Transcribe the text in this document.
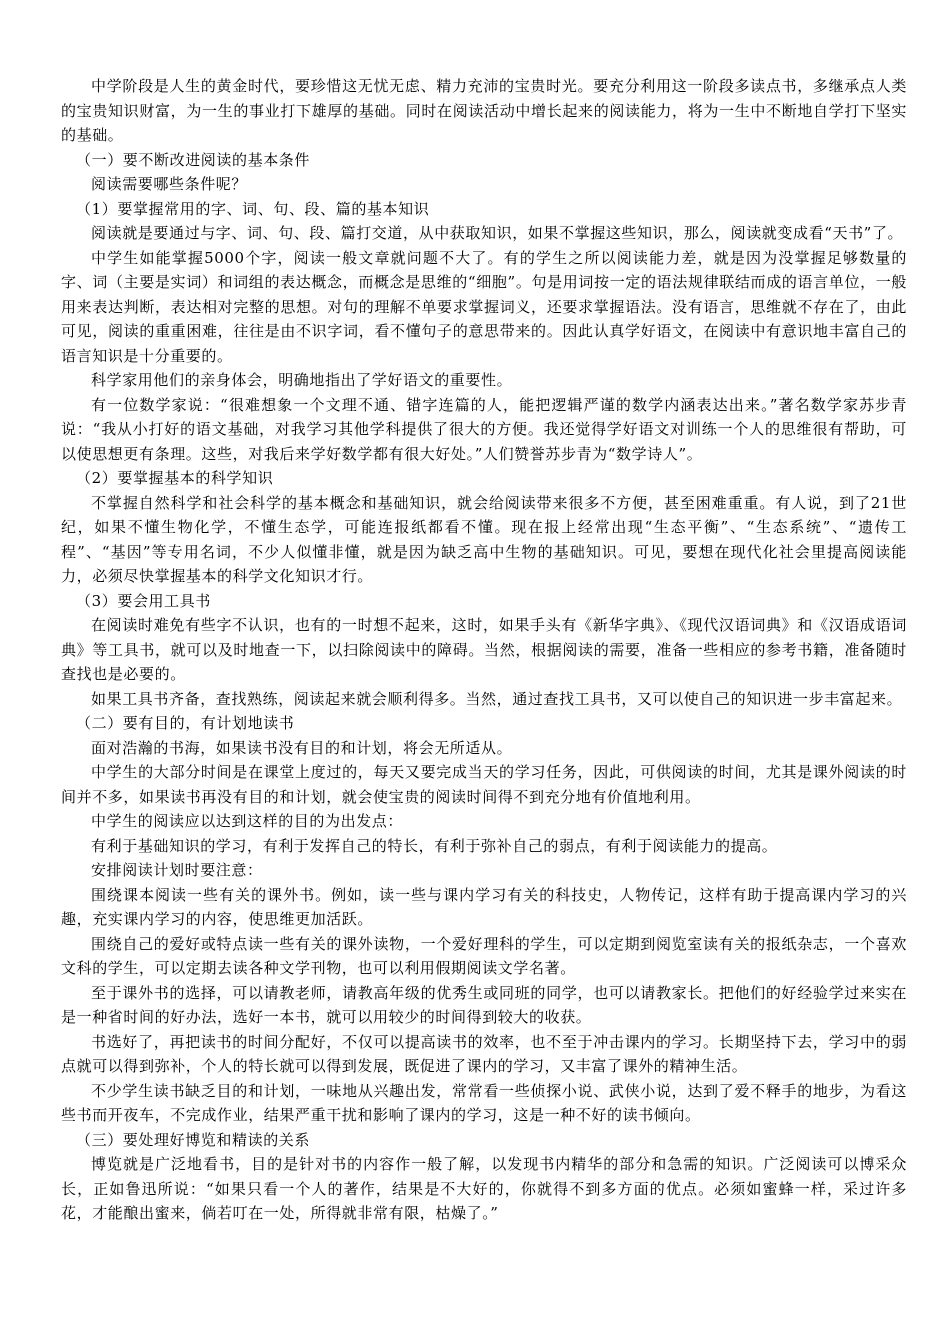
中学阶段是人生的黄金时代，要珍惜这无忧无虑、精力充沛的宝贵时光。要充分利用这一阶段多读点书，多继承点人类的宝贵知识财富，为一生的事业打下雄厚的基础。同时在阅读活动中增长起来的阅读能力，将为一生中不断地自学打下坚实的基础。

（一）要不断改进阅读的基本条件

阅读需要哪些条件呢？

（1）要掌握常用的字、词、句、段、篇的基本知识

阅读就是要通过与字、词、句、段、篇打交道，从中获取知识，如果不掌握这些知识，那么，阅读就变成看“天书”了。

中学生如能掌握5000个字，阅读一般文章就问题不大了。有的学生之所以阅读能力差，就是因为没掌握足够数量的字、词（主要是实词）和词组的表达概念，而概念是思维的“细胞”。句是用词按一定的语法规律联结而成的语言单位，一般用来表达判断，表达相对完整的思想。对句的理解不单要求掌握词义，还要求掌握语法。没有语言，思维就不存在了，由此可见，阅读的重重困难，往往是由不识字词，看不懂句子的意思带来的。因此认真学好语文，在阅读中有意识地丰富自己的语言知识是十分重要的。

科学家用他们的亲身体会，明确地指出了学好语文的重要性。

有一位数学家说：“很难想象一个文理不通、错字连篇的人，能把逻辑严谨的数学内涵表达出来。”著名数学家苏步青说：“我从小打好的语文基础，对我学习其他学科提供了很大的方便。我还觉得学好语文对训练一个人的思维很有帮助，可以使思想更有条理。这些，对我后来学好数学都有很大好处。”人们赞誉苏步青为“数学诗人”。

（2）要掌握基本的科学知识

不掌握自然科学和社会科学的基本概念和基础知识，就会给阅读带来很多不方便，甚至困难重重。有人说，到了21世纪，如果不懂生物化学，不懂生态学，可能连报纸都看不懂。现在报上经常出现“生态平衡”、“生态系统”、“遗传工程”、“基因”等专用名词，不少人似懂非懂，就是因为缺乏高中生物的基础知识。可见，要想在现代化社会里提高阅读能力，必须尽快掌握基本的科学文化知识才行。

（3）要会用工具书

在阅读时难免有些字不认识，也有的一时想不起来，这时，如果手头有《新华字典》、《现代汉语词典》和《汉语成语词典》等工具书，就可以及时地查一下，以扫除阅读中的障碍。当然，根据阅读的需要，准备一些相应的参考书籍，准备随时查找也是必要的。

如果工具书齐备，查找熟练，阅读起来就会顺利得多。当然，通过查找工具书，又可以使自己的知识进一步丰富起来。

（二）要有目的，有计划地读书

面对浩瀚的书海，如果读书没有目的和计划，将会无所适从。

中学生的大部分时间是在课堂上度过的，每天又要完成当天的学习任务，因此，可供阅读的时间，尤其是课外阅读的时间并不多，如果读书再没有目的和计划，就会使宝贵的阅读时间得不到充分地有价值地利用。

中学生的阅读应以达到这样的目的为出发点：

有利于基础知识的学习，有利于发挥自己的特长，有利于弥补自己的弱点，有利于阅读能力的提高。

安排阅读计划时要注意：

围绕课本阅读一些有关的课外书。例如，读一些与课内学习有关的科技史，人物传记，这样有助于提高课内学习的兴趣，充实课内学习的内容，使思维更加活跃。

围绕自己的爱好或特点读一些有关的课外读物，一个爱好理科的学生，可以定期到阅览室读有关的报纸杂志，一个喜欢文科的学生，可以定期去读各种文学刊物，也可以利用假期阅读文学名著。

至于课外书的选择，可以请教老师，请教高年级的优秀生或同班的同学，也可以请教家长。把他们的好经验学过来实在是一种省时间的好办法，选好一本书，就可以用较少的时间得到较大的收获。

书选好了，再把读书的时间分配好，不仅可以提高读书的效率，也不至于冲击课内的学习。长期坚持下去，学习中的弱点就可以得到弥补，个人的特长就可以得到发展，既促进了课内的学习，又丰富了课外的精神生活。

不少学生读书缺乏目的和计划，一味地从兴趣出发，常常看一些侦探小说、武侠小说，达到了爱不释手的地步，为看这些书而开夜车，不完成作业，结果严重干扰和影响了课内的学习，这是一种不好的读书倾向。

（三）要处理好博览和精读的关系

博览就是广泛地看书，目的是针对书的内容作一般了解，以发现书内精华的部分和急需的知识。广泛阅读可以博采众长，正如鲁迅所说：“如果只看一个人的著作，结果是不大好的，你就得不到多方面的优点。必须如蜜蜂一样，采过许多花，才能酿出蜜来，倘若叮在一处，所得就非常有限，枯燥了。”
